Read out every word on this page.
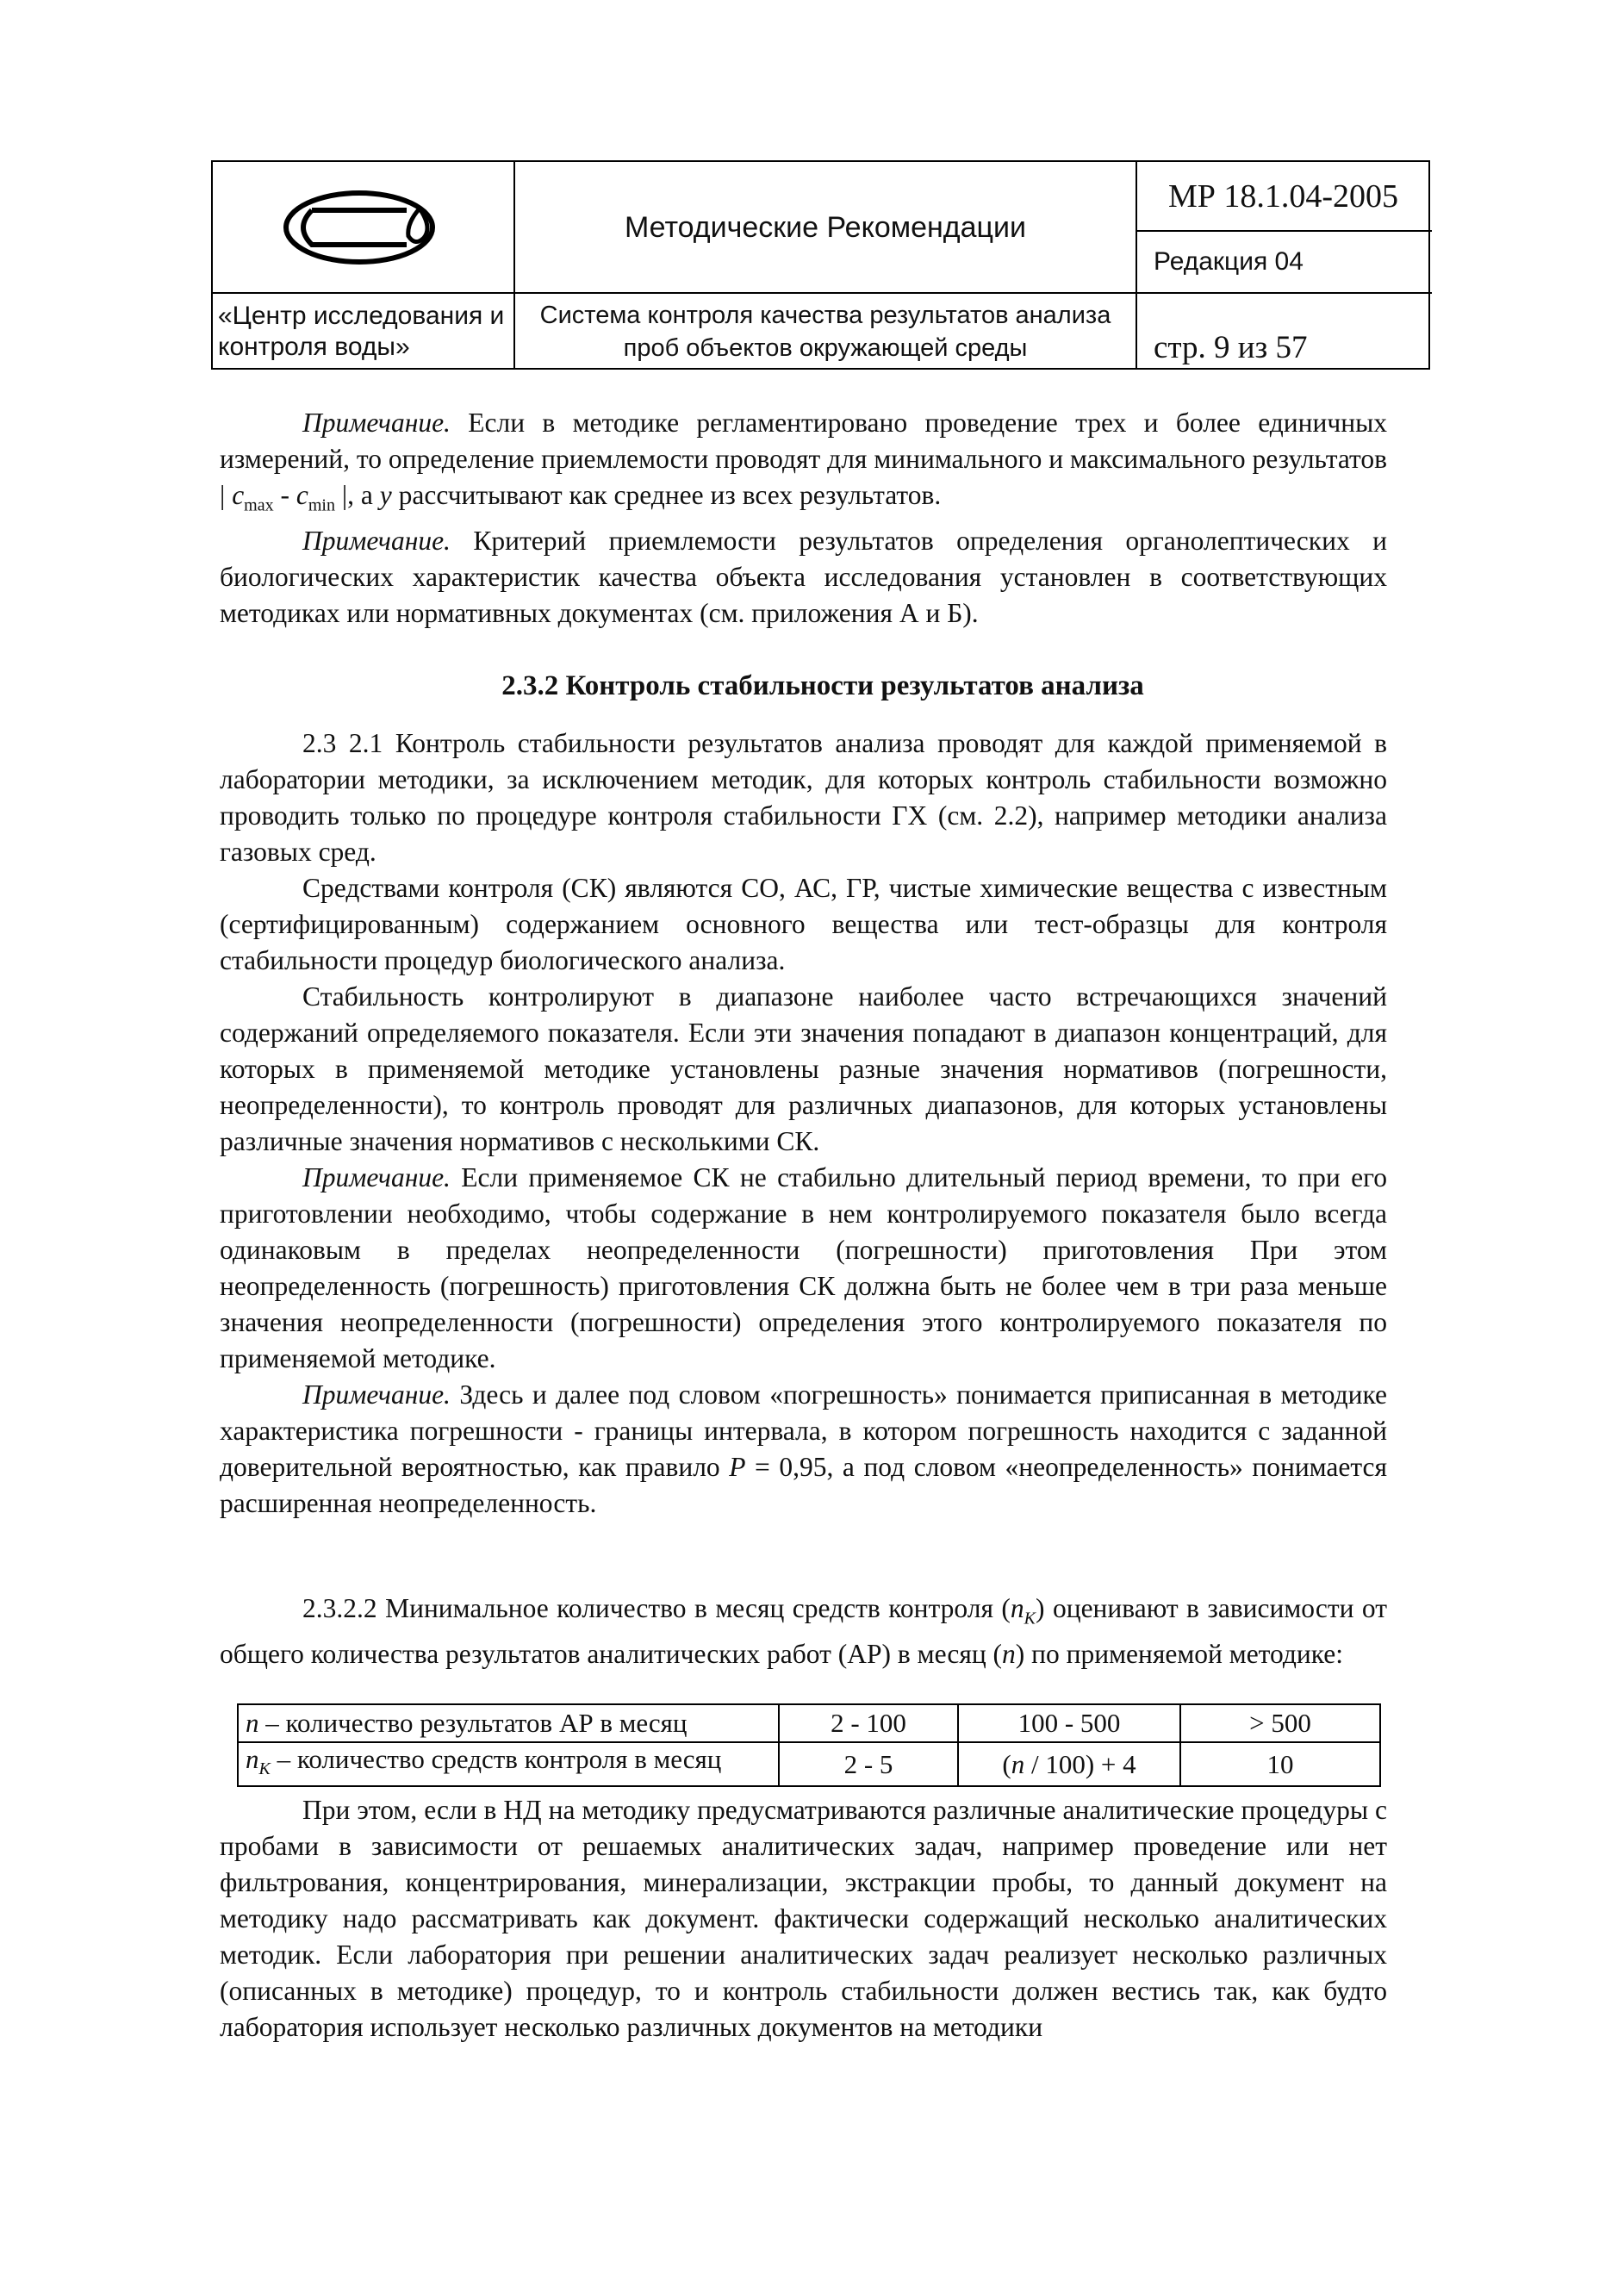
«Центр исследования и контроля воды»
Методические Рекомендации
Система контроля качества результатов анализа проб объектов окружающей среды
МР 18.1.04-2005
Редакция 04
стр. 9 из 57

Примечание. Если в методике регламентировано проведение трех и более единичных измерений, то определение приемлемости проводят для минимального и максимального результатов | $c_{max} - c_{min}$ |, а y рассчитывают как среднее из всех результатов.

Примечание. Критерий приемлемости результатов определения органолептических и биологических характеристик качества объекта исследования установлен в соответствующих методиках или нормативных документах (см. приложения А и Б).

2.3.2 Контроль стабильности результатов анализа

2.3 2.1 Контроль стабильности результатов анализа проводят для каждой применяемой в лаборатории методики, за исключением методик, для которых контроль стабильности возможно проводить только по процедуре контроля стабильности ГХ (см. 2.2), например методики анализа газовых сред.

Средствами контроля (СК) являются СО, АС, ГР, чистые химические вещества с известным (сертифицированным) содержанием основного вещества или тест-образцы для контроля стабильности процедур биологического анализа.

Стабильность контролируют в диапазоне наиболее часто встречающихся значений содержаний определяемого показателя. Если эти значения попадают в диапазон концентраций, для которых в применяемой методике установлены разные значения нормативов (погрешности, неопределенности), то контроль проводят для различных диапазонов, для которых установлены различные значения нормативов с несколькими СК.

Примечание. Если применяемое СК не стабильно длительный период времени, то при его приготовлении необходимо, чтобы содержание в нем контролируемого показателя было всегда одинаковым в пределах неопределенности (погрешности) приготовления При этом неопределенность (погрешность) приготовления СК должна быть не более чем в три раза меньше значения неопределенности (погрешности) определения этого контролируемого показателя по применяемой методике.

Примечание. Здесь и далее под словом «погрешность» понимается приписанная в методике характеристика погрешности - границы интервала, в котором погрешность находится с заданной доверительной вероятностью, как правило P = 0,95, а под словом «неопределенность» понимается расширенная неопределенность.

2.3.2.2 Минимальное количество в месяц средств контроля $(n_K)$ оценивают в зависимости от общего количества результатов аналитических работ (АР) в месяц (n) по применяемой методике:

n – количество результатов АР в месяц	2 - 100	100 - 500	> 500
$n_K$ – количество средств контроля в месяц	2 - 5	(n / 100) + 4	10

При этом, если в НД на методику предусматриваются различные аналитические процедуры с пробами в зависимости от решаемых аналитических задач, например проведение или нет фильтрования, концентрирования, минерализации, экстракции пробы, то данный документ на методику надо рассматривать как документ. фактически содержащий несколько аналитических методик. Если лаборатория при решении аналитических задач реализует несколько различных (описанных в методике) процедур, то и контроль стабильности должен вестись так, как будто лаборатория использует несколько различных документов на методики
